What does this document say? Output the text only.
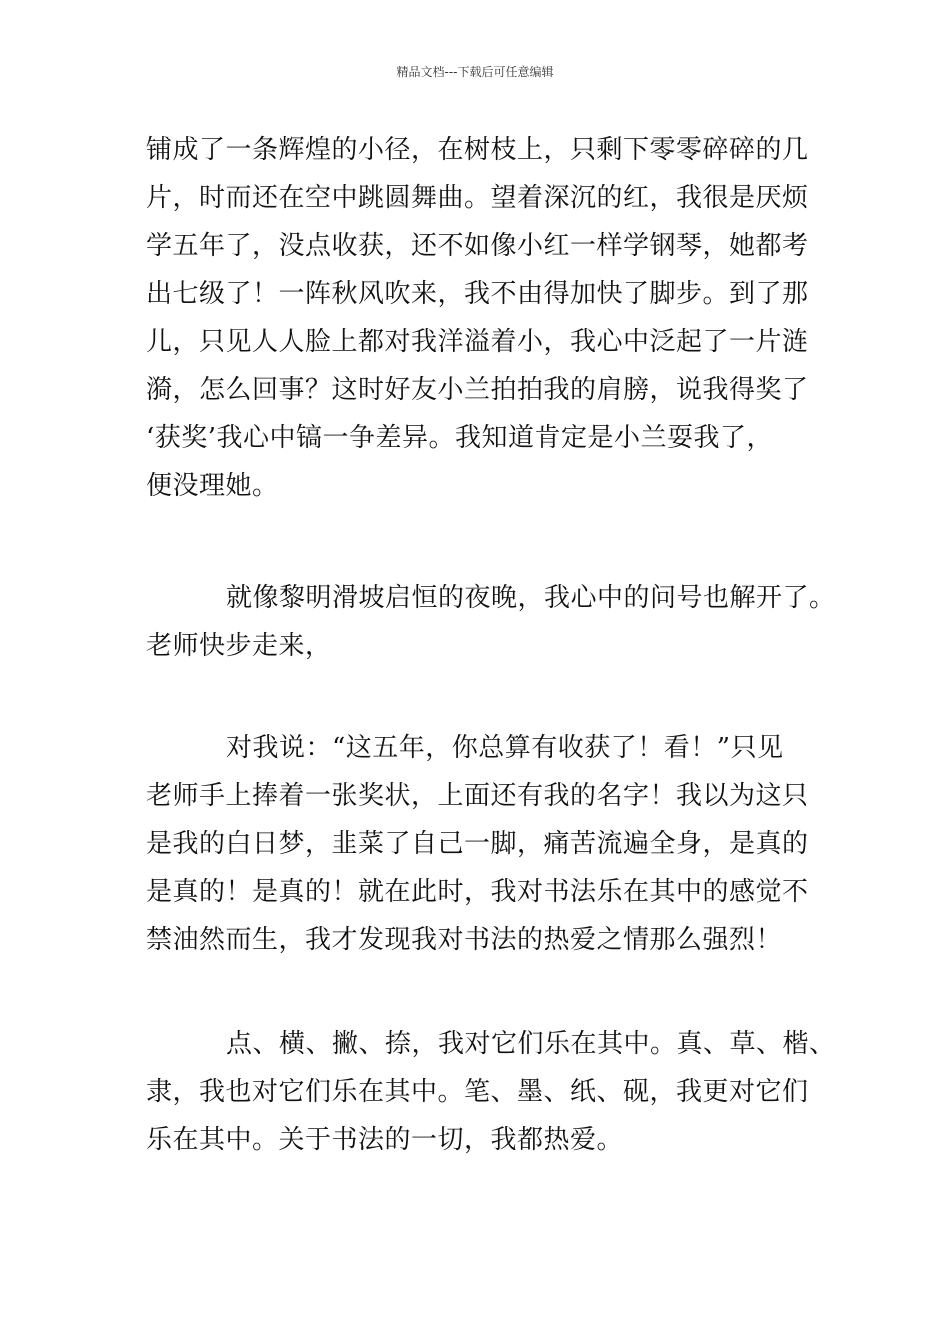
精品文档---下载后可任意编辑
铺成了一条辉煌的小径，在树枝上，只剩下零零碎碎的几
片，时而还在空中跳圆舞曲。望着深沉的红，我很是厌烦
学五年了，没点收获，还不如像小红一样学钢琴，她都考
出七级了！一阵秋风吹来，我不由得加快了脚步。到了那
儿，只见人人脸上都对我洋溢着小，我心中泛起了一片涟
漪，怎么回事？这时好友小兰拍拍我的肩膀，说我得奖了
‘获奖’我心中镐一争差异。我知道肯定是小兰耍我了，
便没理她。
就像黎明滑坡启恒的夜晚，我心中的问号也解开了。
老师快步走来，
对我说：“这五年，你总算有收获了！看！”只见
老师手上捧着一张奖状，上面还有我的名字！我以为这只
是我的白日梦，韭菜了自己一脚，痛苦流遍全身，是真的
是真的！是真的！就在此时，我对书法乐在其中的感觉不
禁油然而生，我才发现我对书法的热爱之情那么强烈！
点、横、撇、捺，我对它们乐在其中。真、草、楷、
隶，我也对它们乐在其中。笔、墨、纸、砚，我更对它们
乐在其中。关于书法的一切，我都热爱。
